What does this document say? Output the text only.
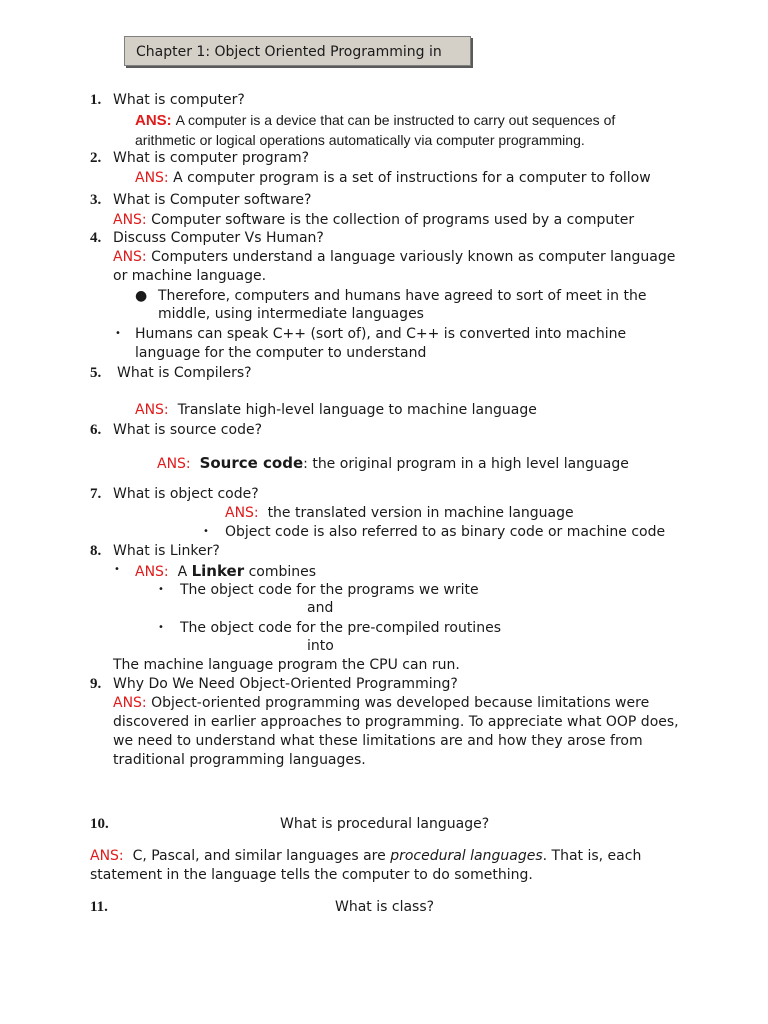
Chapter 1: Object Oriented Programming in
1. What is computer?
ANS: A computer is a device that can be instructed to carry out sequences of
arithmetic or logical operations automatically via computer programming.
2. What is computer program?
ANS: A computer program is a set of instructions for a computer to follow
3. What is Computer software?
ANS: Computer software is the collection of programs used by a computer
4. Discuss Computer Vs Human?
ANS: Computers understand a language variously known as computer language
or machine language.
● Therefore, computers and humans have agreed to sort of meet in the
middle, using intermediate languages
• Humans can speak C++ (sort of), and C++ is converted into machine
language for the computer to understand
5. What is Compilers?
ANS: Translate high-level language to machine language
6. What is source code?
ANS: Source code: the original program in a high level language
7. What is object code?
ANS: the translated version in machine language
• Object code is also referred to as binary code or machine code
8. What is Linker?
• ANS: A Linker combines
• The object code for the programs we write
and
• The object code for the pre-compiled routines
into
The machine language program the CPU can run.
9. Why Do We Need Object-Oriented Programming?
ANS: Object-oriented programming was developed because limitations were
discovered in earlier approaches to programming. To appreciate what OOP does,
we need to understand what these limitations are and how they arose from
traditional programming languages.
10.	What is procedural language?
ANS: C, Pascal, and similar languages are procedural languages. That is, each
statement in the language tells the computer to do something.
11.	What is class?
